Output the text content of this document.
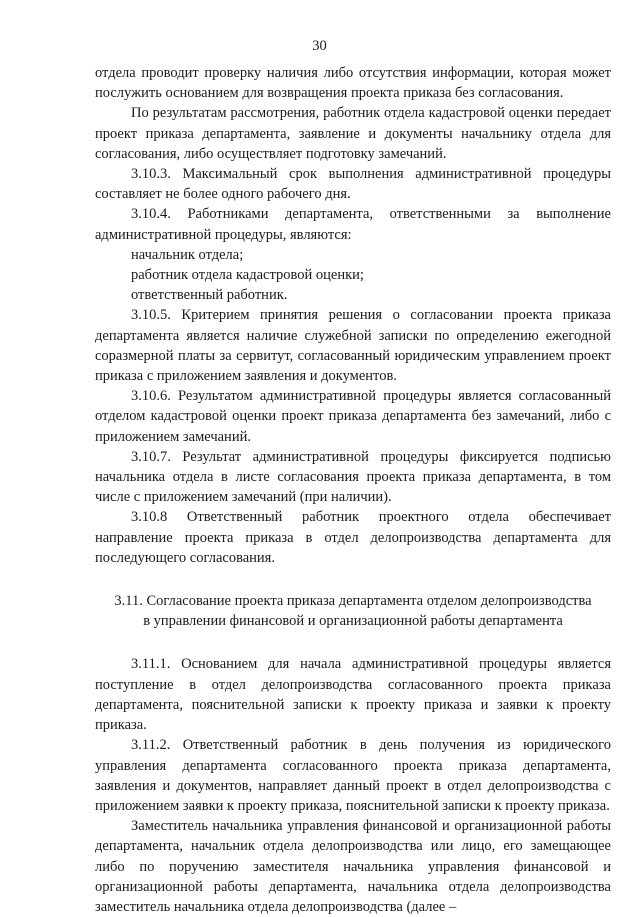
30

отдела проводит проверку наличия либо отсутствия информации, которая может послужить основанием для возвращения проекта приказа без согласования.

По результатам рассмотрения, работник отдела кадастровой оценки передает проект приказа департамента, заявление и документы начальнику отдела для согласования, либо осуществляет подготовку замечаний.

3.10.3. Максимальный срок выполнения административной процедуры составляет не более одного рабочего дня.

3.10.4. Работниками департамента, ответственными за выполнение административной процедуры, являются:

начальник отдела;

работник отдела кадастровой оценки;

ответственный работник.

3.10.5. Критерием принятия решения о согласовании проекта приказа департамента является наличие служебной записки по определению ежегодной соразмерной платы за сервитут, согласованный юридическим управлением проект приказа с приложением заявления и документов.

3.10.6. Результатом административной процедуры является согласованный отделом кадастровой оценки проект приказа департамента без замечаний, либо с приложением замечаний.

3.10.7. Результат административной процедуры фиксируется подписью начальника отдела в листе согласования проекта приказа департамента, в том числе с приложением замечаний (при наличии).

3.10.8 Ответственный работник проектного отдела обеспечивает направление проекта приказа в отдел делопроизводства департамента для последующего согласования.

3.11. Согласование проекта приказа департамента отделом делопроизводства

в управлении финансовой и организационной работы департамента

3.11.1. Основанием для начала административной процедуры является поступление в отдел делопроизводства согласованного проекта приказа департамента, пояснительной записки к проекту приказа и заявки к проекту приказа.

3.11.2. Ответственный работник в день получения из юридического управления департамента согласованного проекта приказа департамента, заявления и документов, направляет данный проект в отдел делопроизводства с приложением заявки к проекту приказа, пояснительной записки к проекту приказа.

Заместитель начальника управления финансовой и организационной работы департамента, начальник отдела делопроизводства или лицо, его замещающее либо по поручению заместителя начальника управления финансовой и организационной работы департамента, начальника отдела делопроизводства заместитель начальника отдела делопроизводства (далее –
